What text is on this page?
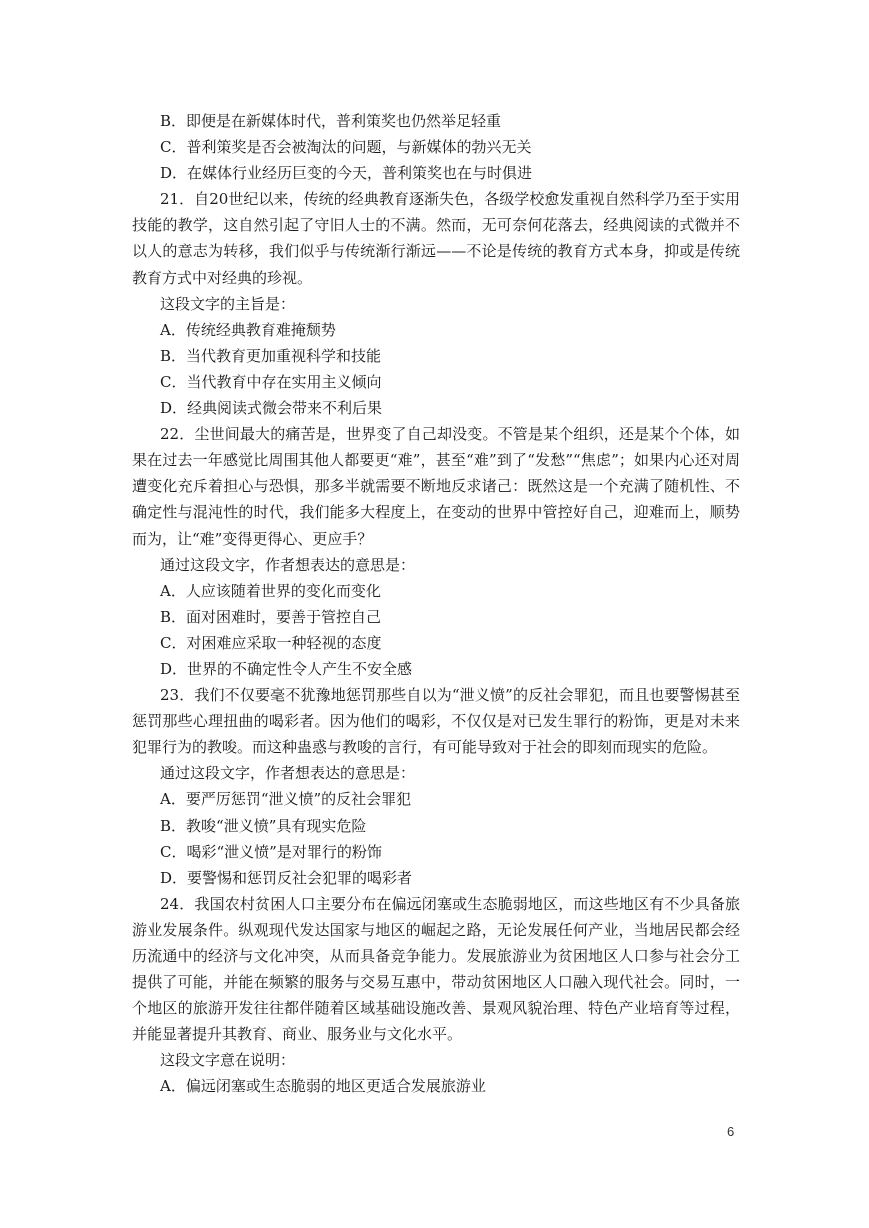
B．即便是在新媒体时代，普利策奖也仍然举足轻重
C．普利策奖是否会被淘汰的问题，与新媒体的勃兴无关
D．在媒体行业经历巨变的今天，普利策奖也在与时俱进
21．自20世纪以来，传统的经典教育逐渐失色，各级学校愈发重视自然科学乃至于实用技能的教学，这自然引起了守旧人士的不满。然而，无可奈何花落去，经典阅读的式微并不以人的意志为转移，我们似乎与传统渐行渐远——不论是传统的教育方式本身，抑或是传统教育方式中对经典的珍视。
这段文字的主旨是：
A．传统经典教育难掩颓势
B．当代教育更加重视科学和技能
C．当代教育中存在实用主义倾向
D．经典阅读式微会带来不利后果
22．尘世间最大的痛苦是，世界变了自己却没变。不管是某个组织，还是某个个体，如果在过去一年感觉比周围其他人都要更“难”，甚至“难”到了“发愁”“焦虑”；如果内心还对周遭变化充斥着担心与恐惧，那多半就需要不断地反求诸己：既然这是一个充满了随机性、不确定性与混沌性的时代，我们能多大程度上，在变动的世界中管控好自己，迎难而上，顺势而为，让“难”变得更得心、更应手？
通过这段文字，作者想表达的意思是：
A．人应该随着世界的变化而变化
B．面对困难时，要善于管控自己
C．对困难应采取一种轻视的态度
D．世界的不确定性令人产生不安全感
23．我们不仅要毫不犹豫地惩罚那些自以为“泄义愤”的反社会罪犯，而且也要警惕甚至惩罚那些心理扭曲的喝彩者。因为他们的喝彩，不仅仅是对已发生罪行的粉饰，更是对未来犯罪行为的教唆。而这种蛊惑与教唆的言行，有可能导致对于社会的即刻而现实的危险。
通过这段文字，作者想表达的意思是：
A．要严厉惩罚“泄义愤”的反社会罪犯
B．教唆“泄义愤”具有现实危险
C．喝彩“泄义愤”是对罪行的粉饰
D．要警惕和惩罚反社会犯罪的喝彩者
24．我国农村贫困人口主要分布在偏远闭塞或生态脆弱地区，而这些地区有不少具备旅游业发展条件。纵观现代发达国家与地区的崛起之路，无论发展任何产业，当地居民都会经历流通中的经济与文化冲突，从而具备竞争能力。发展旅游业为贫困地区人口参与社会分工提供了可能，并能在频繁的服务与交易互惠中，带动贫困地区人口融入现代社会。同时，一个地区的旅游开发往往都伴随着区域基础设施改善、景观风貌治理、特色产业培育等过程，并能显著提升其教育、商业、服务业与文化水平。
这段文字意在说明：
A．偏远闭塞或生态脆弱的地区更适合发展旅游业
6
